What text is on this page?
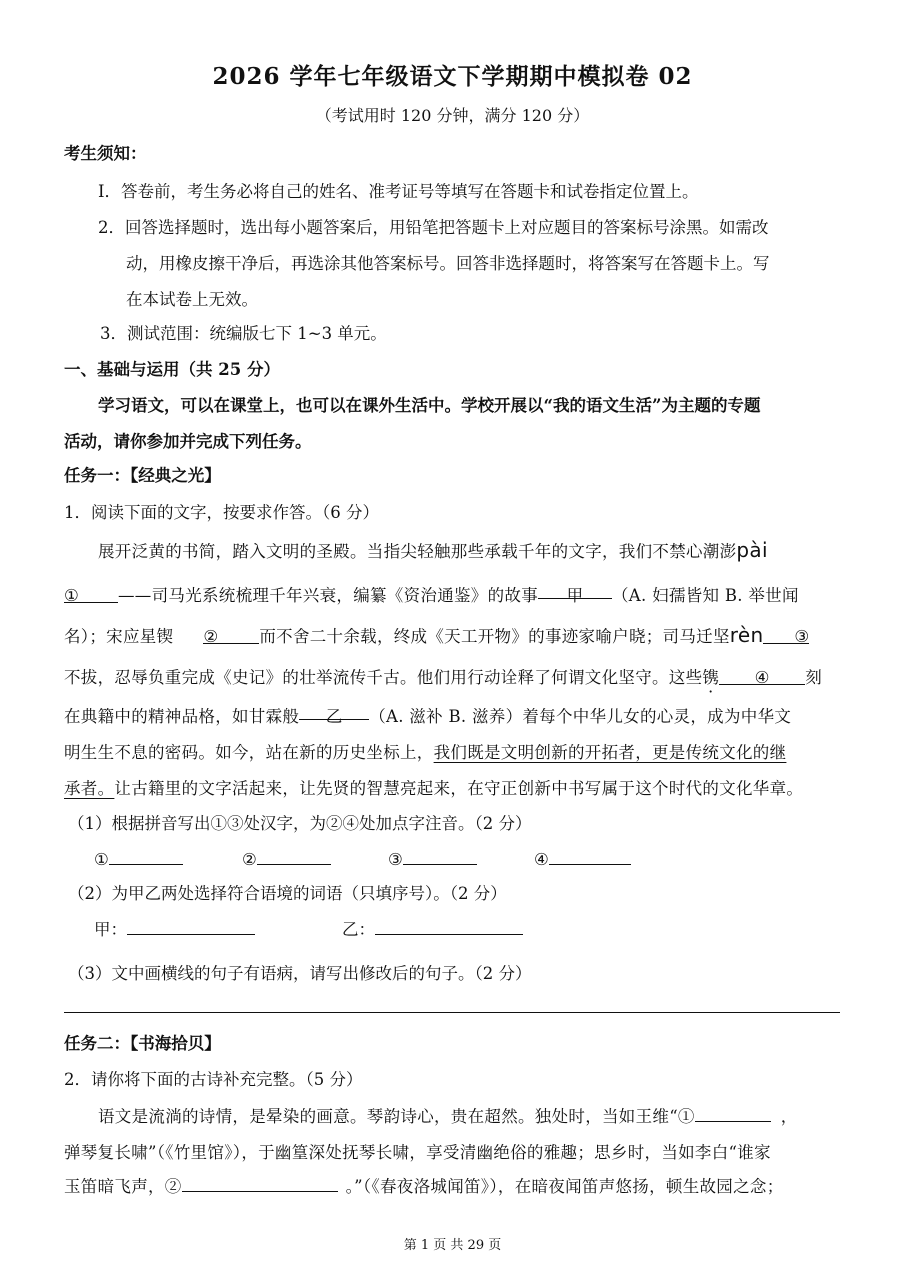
2026 学年七年级语文下学期期中模拟卷 02
（考试用时 120 分钟，满分 120 分）
考生须知：
Ⅰ．答卷前，考生务必将自己的姓名、准考证号等填写在答题卡和试卷指定位置上。
2．回答选择题时，选出每小题答案后，用铅笔把答题卡上对应题目的答案标号涂黑。如需改
动，用橡皮擦干净后，再选涂其他答案标号。回答非选择题时，将答案写在答题卡上。写
在本试卷上无效。
3．测试范围：统编版七下 1~3 单元。
一、基础与运用（共 25 分）
学习语文，可以在课堂上，也可以在课外生活中。学校开展以“我的语文生活”为主题的专题
活动，请你参加并完成下列任务。
任务一：【经典之光】
1．阅读下面的文字，按要求作答。（6 分）
展开泛黄的书简，踏入文明的圣殿。当指尖轻触那些承载千年的文字，我们不禁心潮澎pài
① ——司马光系统梳理千年兴衰，编纂《资治通鉴》的故事 甲 （A. 妇孺皆知 B. 举世闻
名）；宋应星锲 ② 而不舍二十余载，终成《天工开物》的事迹家喻户晓；司马迁坚rèn ③
不拔，忍辱负重完成《史记》的壮举流传千古。他们用行动诠释了何谓文化坚守。这些镌 ④ 刻
在典籍中的精神品格，如甘霖般 乙 （A. 滋补 B. 滋养）着每个中华儿女的心灵，成为中华文
明生生不息的密码。如今，站在新的历史坐标上，我们既是文明创新的开拓者，更是传统文化的继
承者。让古籍里的文字活起来，让先贤的智慧亮起来，在守正创新中书写属于这个时代的文化华章。
（1）根据拼音写出①③处汉字，为②④处加点字注音。（2 分）
①	②	③	④
（2）为甲乙两处选择符合语境的词语（只填序号）。（2 分）
甲：	乙：
（3）文中画横线的句子有语病，请写出修改后的句子。（2 分）
任务二：【书海拾贝】
2．请你将下面的古诗补充完整。（5 分）
语文是流淌的诗情，是晕染的画意。琴韵诗心，贵在超然。独处时，当如王维“①	，
弹琴复长啸”（《竹里馆》），于幽篁深处抚琴长啸，享受清幽绝俗的雅趣；思乡时，当如李白“谁家
玉笛暗飞声，②	。”（《春夜洛城闻笛》），在暗夜闻笛声悠扬，顿生故园之念；
第 1 页 共 29 页
